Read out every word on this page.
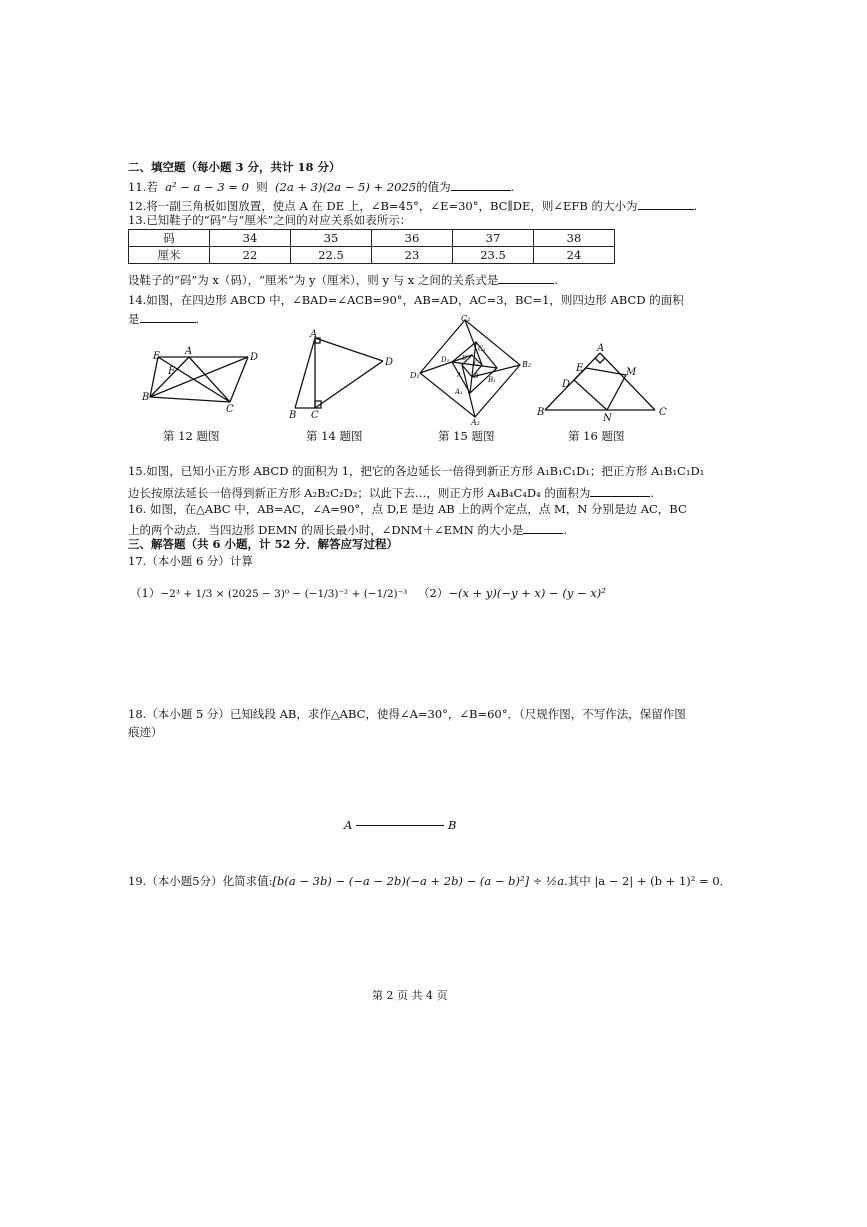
二、填空题（每小题 3 分，共计 18 分）
11.若 a² − a − 3 = 0 则 (2a + 3)(2a − 5) + 2025的值为	.
12.将一副三角板如图放置，使点 A 在 DE 上，∠B=45°，∠E=30°，BC∥DE，则∠EFB 的大小为	.
13.已知鞋子的“码”与“厘米”之间的对应关系如表所示：
码	34	35	36	37	38
厘米	22	22.5	23	23.5	24
设鞋子的“码”为 x（码），“厘米”为 y（厘米），则 y 与 x 之间的关系式是	.
14.如图，在四边形 ABCD 中，∠BAD=∠ACB=90°，AB=AD，AC=3，BC=1，则四边形 ABCD 的面积
是	.
E A
D
F
B
C
A
D
B C
C₂
B₂
A₂
D₁
C₁
B₁
A₁
D₁	C
B
A
D
A
E
D
M
B
N
C
第 12 题图	第 14 题图	第 15 题图	第 16 题图
15.如图，已知小正方形 ABCD 的面积为 1，把它的各边延长一倍得到新正方形 A₁B₁C₁D₁；把正方形 A₁B₁C₁D₁
边长按原法延长一倍得到新正方形 A₂B₂C₂D₂；以此下去…，则正方形 A₄B₄C₄D₄ 的面积为	.
16. 如图，在△ABC 中，AB=AC，∠A=90°，点 D,E 是边 AB 上的两个定点，点 M，N 分别是边 AC，BC
上的两个动点．当四边形 DEMN 的周长最小时，∠DNM＋∠EMN 的大小是	.
三、解答题（共 6 小题，计 52 分．解答应写过程）
17.（本小题 6 分）计算
（1）−2³ + 1/3 × (2025 − 3)⁰ − (−1/3)⁻² + (−1/2)⁻³ （2）−(x + y)(−y + x) − (y − x)²
18.（本小题 5 分）已知线段 AB，求作△ABC，使得∠A=30°，∠B=60°．（尺规作图，不写作法，保留作图
痕迹）
A	B
19.（本小题5分）化简求值:[b(a − 3b) − (−a − 2b)(−a + 2b) − (a − b)²] ÷ ½a.其中 |a − 2| + (b + 1)² = 0．
第 2 页 共 4 页
